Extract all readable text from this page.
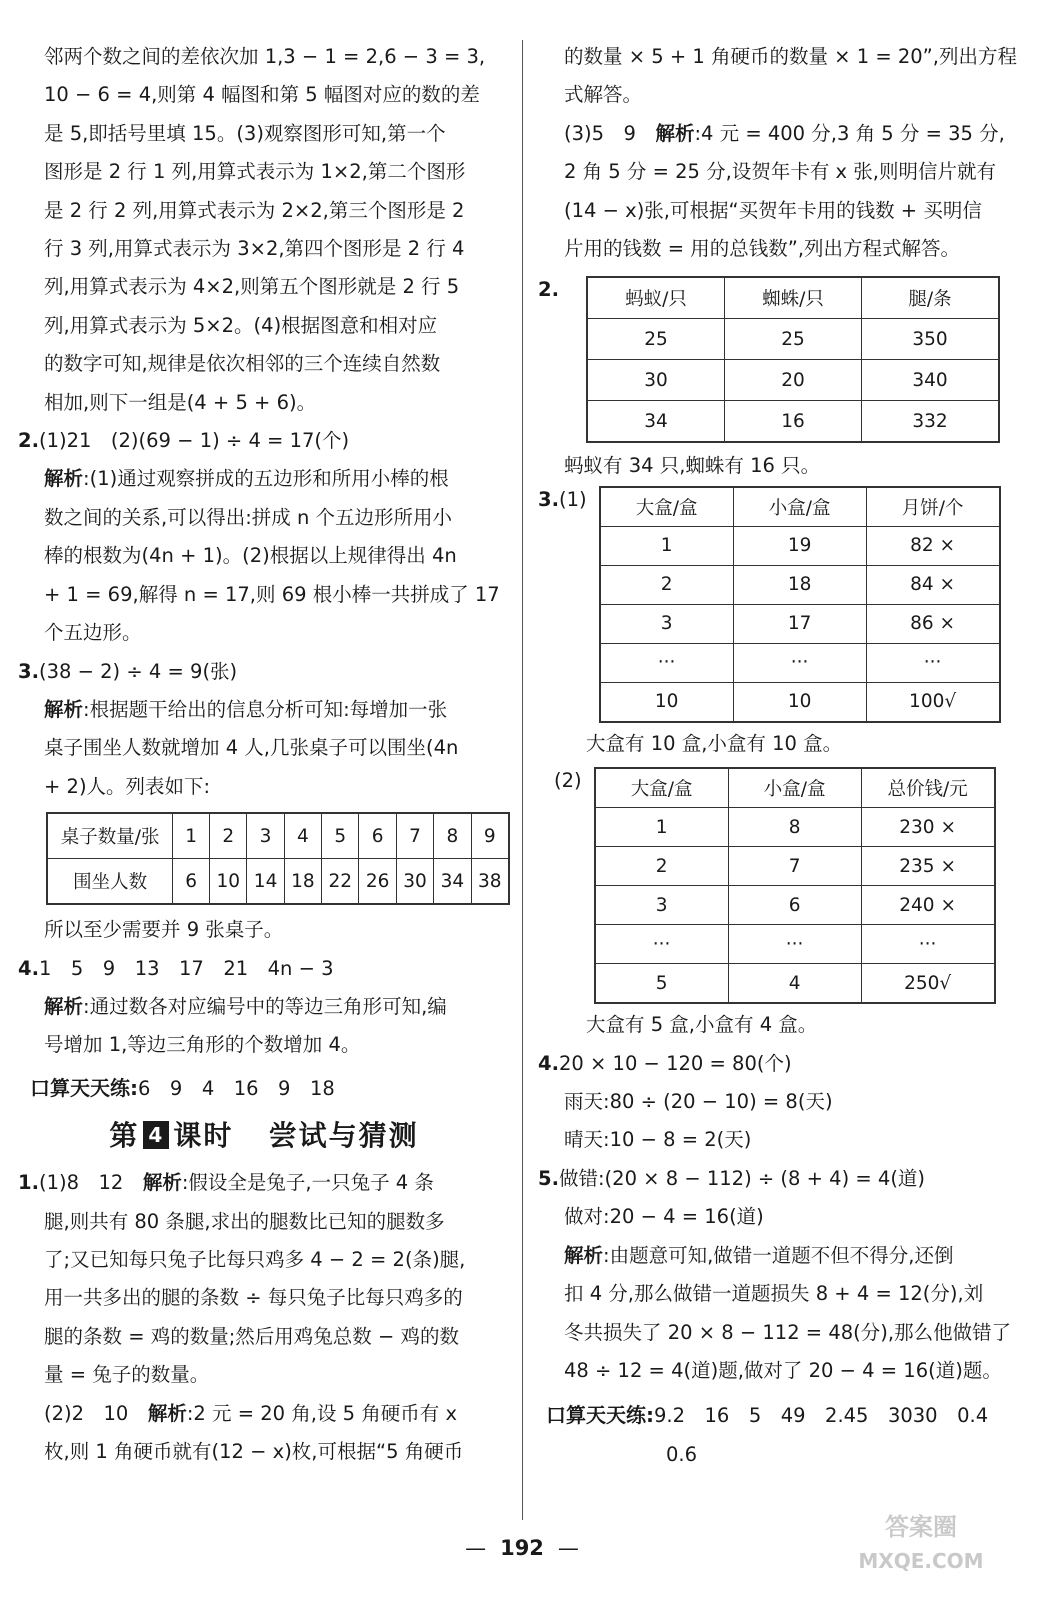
邻两个数之间的差依次加 1,3 − 1 = 2,6 − 3 = 3,

10 − 6 = 4,则第 4 幅图和第 5 幅图对应的数的差

是 5,即括号里填 15。(3)观察图形可知,第一个

图形是 2 行 1 列,用算式表示为 1×2,第二个图形

是 2 行 2 列,用算式表示为 2×2,第三个图形是 2

行 3 列,用算式表示为 3×2,第四个图形是 2 行 4

列,用算式表示为 4×2,则第五个图形就是 2 行 5

列,用算式表示为 5×2。(4)根据图意和相对应

的数字可知,规律是依次相邻的三个连续自然数

相加,则下一组是(4 + 5 + 6)。

2.(1)21　(2)(69 − 1) ÷ 4 = 17(个)

解析:(1)通过观察拼成的五边形和所用小棒的根

数之间的关系,可以得出:拼成 n 个五边形所用小

棒的根数为(4n + 1)。(2)根据以上规律得出 4n

+ 1 = 69,解得 n = 17,则 69 根小棒一共拼成了 17

个五边形。

3.(38 − 2) ÷ 4 = 9(张)

解析:根据题干给出的信息分析可知:每增加一张

桌子围坐人数就增加 4 人,几张桌子可以围坐(4n

+ 2)人。列表如下:

桌子数量/张	1	2	3	4	5	6	7	8	9
围坐人数	6	10	14	18	22	26	30	34	38

所以至少需要并 9 张桌子。

4.1　5　9　13　17　21　4n − 3

解析:通过数各对应编号中的等边三角形可知,编

号增加 1,等边三角形的个数增加 4。

口算天天练:6　9　4　16　9　18

第 4 课时 尝试与猜测

1.(1)8　12　解析:假设全是兔子,一只兔子 4 条

腿,则共有 80 条腿,求出的腿数比已知的腿数多

了;又已知每只兔子比每只鸡多 4 − 2 = 2(条)腿,

用一共多出的腿的条数 ÷ 每只兔子比每只鸡多的

腿的条数 = 鸡的数量;然后用鸡兔总数 − 鸡的数

量 = 兔子的数量。

(2)2　10　解析:2 元 = 20 角,设 5 角硬币有 x

枚,则 1 角硬币就有(12 − x)枚,可根据“5 角硬币

的数量 × 5 + 1 角硬币的数量 × 1 = 20”,列出方程

式解答。

(3)5　9　解析:4 元 = 400 分,3 角 5 分 = 35 分,

2 角 5 分 = 25 分,设贺年卡有 x 张,则明信片就有

(14 − x)张,可根据“买贺年卡用的钱数 + 买明信

片用的钱数 = 用的总钱数”,列出方程式解答。

2.	蚂蚁/只	蜘蛛/只	腿/条
25	25	350
30	20	340
34	16	332

蚂蚁有 34 只,蜘蛛有 16 只。

3.(1)	大盒/盒	小盒/盒	月饼/个
1	19	82 ×
2	18	84 ×
3	17	86 ×
···	···	···
10	10	100√

大盒有 10 盒,小盒有 10 盒。

(2)	大盒/盒	小盒/盒	总价钱/元
1	8	230 ×
2	7	235 ×
3	6	240 ×
···	···	···
5	4	250√

大盒有 5 盒,小盒有 4 盒。

4.20 × 10 − 120 = 80(个)

雨天:80 ÷ (20 − 10) = 8(天)

晴天:10 − 8 = 2(天)

5.做错:(20 × 8 − 112) ÷ (8 + 4) = 4(道)

做对:20 − 4 = 16(道)

解析:由题意可知,做错一道题不但不得分,还倒

扣 4 分,那么做错一道题损失 8 + 4 = 12(分),刘

冬共损失了 20 × 8 − 112 = 48(分),那么他做错了

48 ÷ 12 = 4(道)题,做对了 20 − 4 = 16(道)题。

口算天天练:9.2　16　5　49　2.45　3030　0.4

0.6

— 192 —
答案圈
MXQE.COM
